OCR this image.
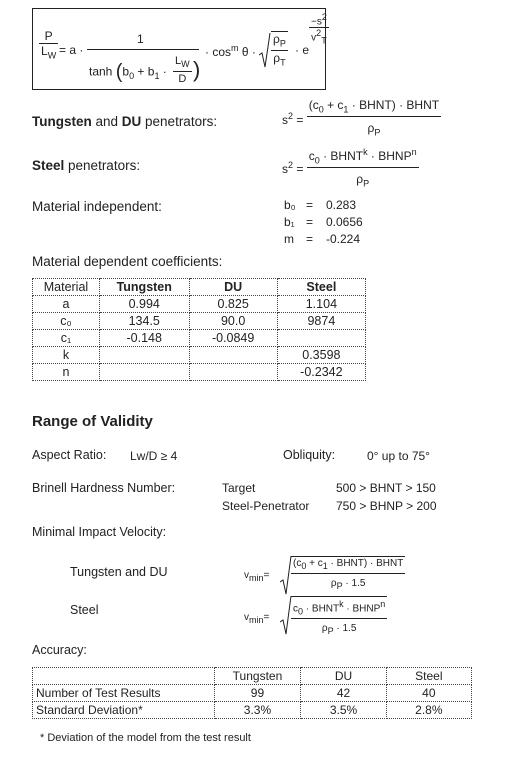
$\frac{P}{L_W} = a$ ·
1
$\tanh (b_0 + b_1 \cdot \frac{L_W}{D}$ )
· $\cos^m \theta \cdot \frac{\rho_P}{\rho_T} \cdot e$
$\frac{-s^2}{v^2_T}$
Tungsten and DU penetrators:	$s^2 = \frac{(c_0 + c_1 \cdot BHNT) \cdot BHNT}{\rho_P}$
Steel penetrators:	$s^2 = \frac{c_0 \cdot BHNT^k \cdot BHNP^n}{\rho_P}$
Material independent:	b₀ = 0.283
b₁ = 0.0656
m = -0.224
Material dependent coefficients:
Material	Tungsten	DU	Steel
a	0.994	0.825	1.104
c₀	134.5	90.0	9874
c₁	-0.148	-0.0849	
k			0.3598
n			-0.2342
Range of Validity
Aspect Ratio: Lw/D ≥ 4	Obliquity:	0° up to 75°
Brinell Hardness Number:	Target	500 > BHNT > 150
Steel-Penetrator 750 > BHNP > 200
Minimal Impact Velocity:
Tungsten and DU	$v_{min}= \frac{(c_0 + c_1 \cdot BHNT) \cdot BHNT}{\rho_P \cdot 1.5}$
Steel
$v_{min}= \frac{c_0 \cdot BHNT^k \cdot BHNP^n}{\rho_P \cdot 1.5}$
Accuracy:
	Tungsten	DU	Steel
Number of Test Results	99	42	40
Standard Deviation*	3.3%	3.5%	2.8%
* Deviation of the model from the test result
